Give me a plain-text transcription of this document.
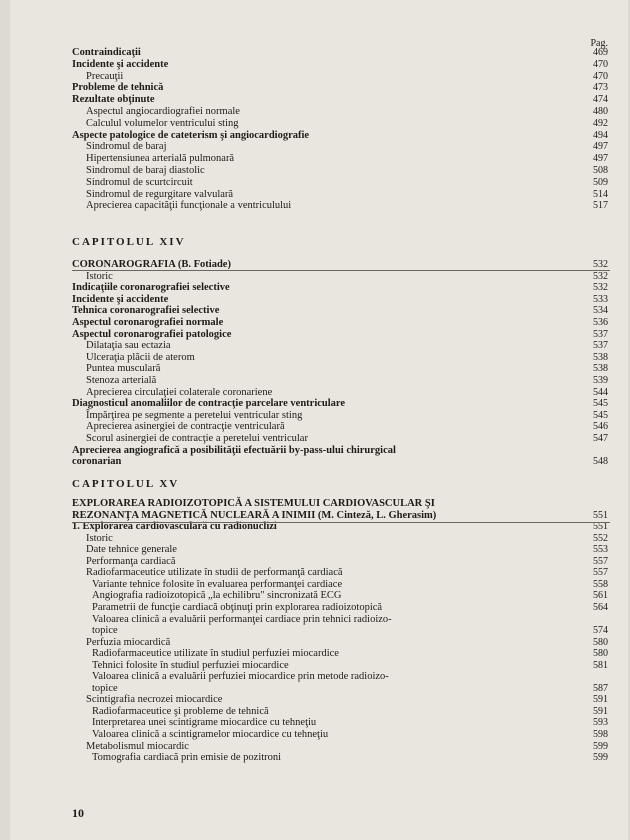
Pag.
Contraindicaţii	469
Incidente şi accidente	470
Precauţii	470
Probleme de tehnică	473
Rezultate obţinute	474
Aspectul angiocardiografiei normale	480
Calculul volumelor ventricului sting	492
Aspecte patologice de cateterism şi angiocardiografie	494
Sindromul de baraj	497
Hipertensiunea arterială pulmonară	497
Sindromul de baraj diastolic	508
Sindromul de scurtcircuit	509
Sindromul de regurgitare valvulară	514
Aprecierea capacităţii funcţionale a ventriculului	517
CAPITOLUL XIV
CORONAROGRAFIA (B. Fotiade)	532
Istoric	532
Indicaţiile coronarografiei selective	532
Incidente şi accidente	533
Tehnica coronarografiei selective	534
Aspectul coronarografiei normale	536
Aspectul coronarografiei patologice	537
Dilataţia sau ectazia	537
Ulceraţia plăcii de aterom	538
Puntea musculară	538
Stenoza arterială	539
Aprecierea circulaţiei colaterale coronariene	544
Diagnosticul anomaliilor de contracţie parcelare ventriculare	545
Împărţirea pe segmente a peretelui ventricular sting	545
Aprecierea asinergiei de contracţie ventriculară	546
Scorul asinergiei de contracţie a peretelui ventricular	547
Aprecierea angiografică a posibilităţii efectuării by-pass-ului chirurgical
coronarian	548
CAPITOLUL XV
EXPLORAREA RADIOIZOTOPICĂ A SISTEMULUI CARDIOVASCULAR ŞI
REZONANŢA MAGNETICĂ NUCLEARĂ A INIMII (M. Cinteză, L. Gherasim)	551
1. Explorarea cardiovasculară cu radionuclizi	551
Istoric	552
Date tehnice generale	553
Performanţa cardiacă	557
Radiofarmaceutice utilizate în studii de performanţă cardiacă	557
Variante tehnice folosite în evaluarea performanţei cardiace	558
Angiografia radioizotopică „la echilibru" sincronizată ECG	561
Parametrii de funcţie cardiacă obţinuţi prin explorarea radioizotopică	564
Valoarea clinică a evaluării performanţei cardiace prin tehnici radioizo-
topice	574
Perfuzia miocardică	580
Radiofarmaceutice utilizate în studiul perfuziei miocardice	580
Tehnici folosite în studiul perfuziei miocardice	581
Valoarea clinică a evaluării perfuziei miocardice prin metode radioizo-
topice	587
Scintigrafia necrozei miocardice	591
Radiofarmaceutice şi probleme de tehnică	591
Interpretarea unei scintigrame miocardice cu tehneţiu	593
Valoarea clinică a scintigramelor miocardice cu tehneţiu	598
Metabolismul miocardic	599
Tomografia cardiacă prin emisie de pozitroni	599
10
